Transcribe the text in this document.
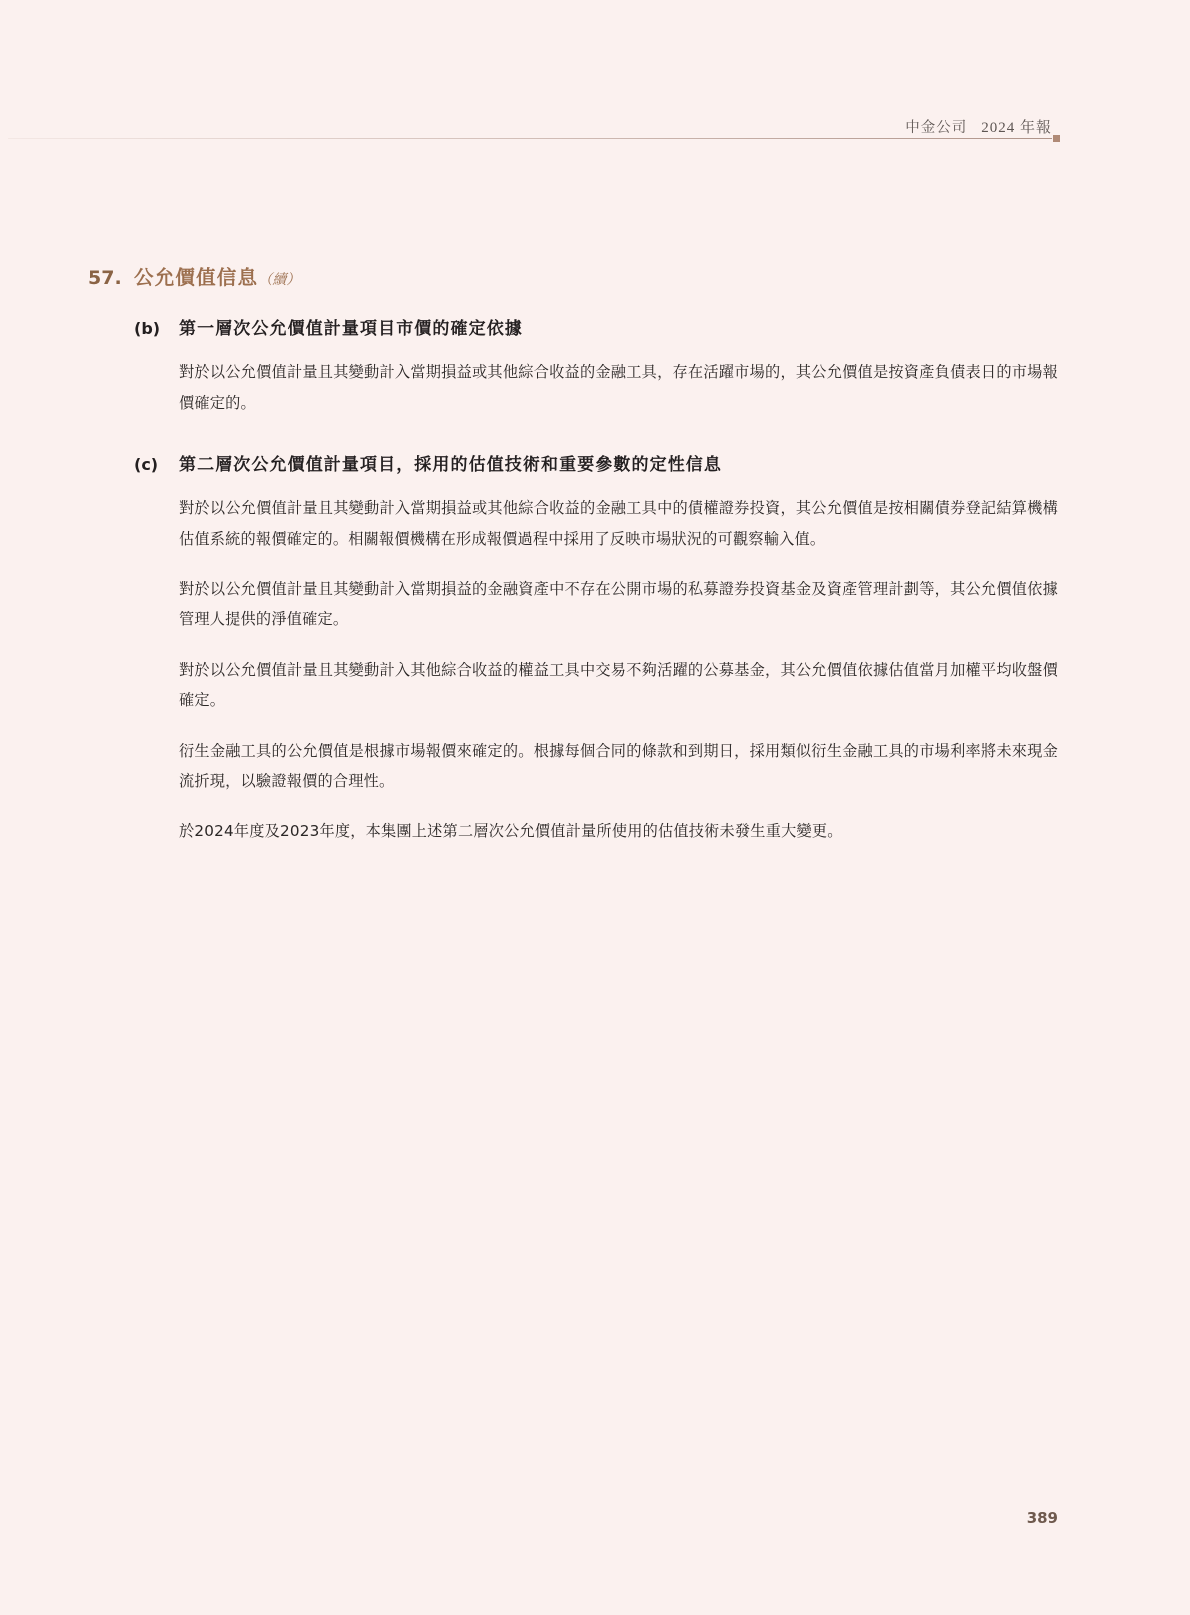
中金公司 2024 年報
57. 公允價值信息 （續）
(b)	第一層次公允價值計量項目市價的確定依據

對於以公允價值計量且其變動計入當期損益或其他綜合收益的金融工具，存在活躍市場的，其公允價值是按資產負債表日的市場報價確定的。

(c)	第二層次公允價值計量項目，採用的估值技術和重要參數的定性信息

對於以公允價值計量且其變動計入當期損益或其他綜合收益的金融工具中的債權證券投資，其公允價值是按相關債券登記結算機構估值系統的報價確定的。相關報價機構在形成報價過程中採用了反映市場狀況的可觀察輸入值。

對於以公允價值計量且其變動計入當期損益的金融資產中不存在公開市場的私募證券投資基金及資產管理計劃等，其公允價值依據管理人提供的淨值確定。

對於以公允價值計量且其變動計入其他綜合收益的權益工具中交易不夠活躍的公募基金，其公允價值依據估值當月加權平均收盤價確定。

衍生金融工具的公允價值是根據市場報價來確定的。根據每個合同的條款和到期日，採用類似衍生金融工具的市場利率將未來現金流折現，以驗證報價的合理性。

於2024年度及2023年度，本集團上述第二層次公允價值計量所使用的估值技術未發生重大變更。

389
